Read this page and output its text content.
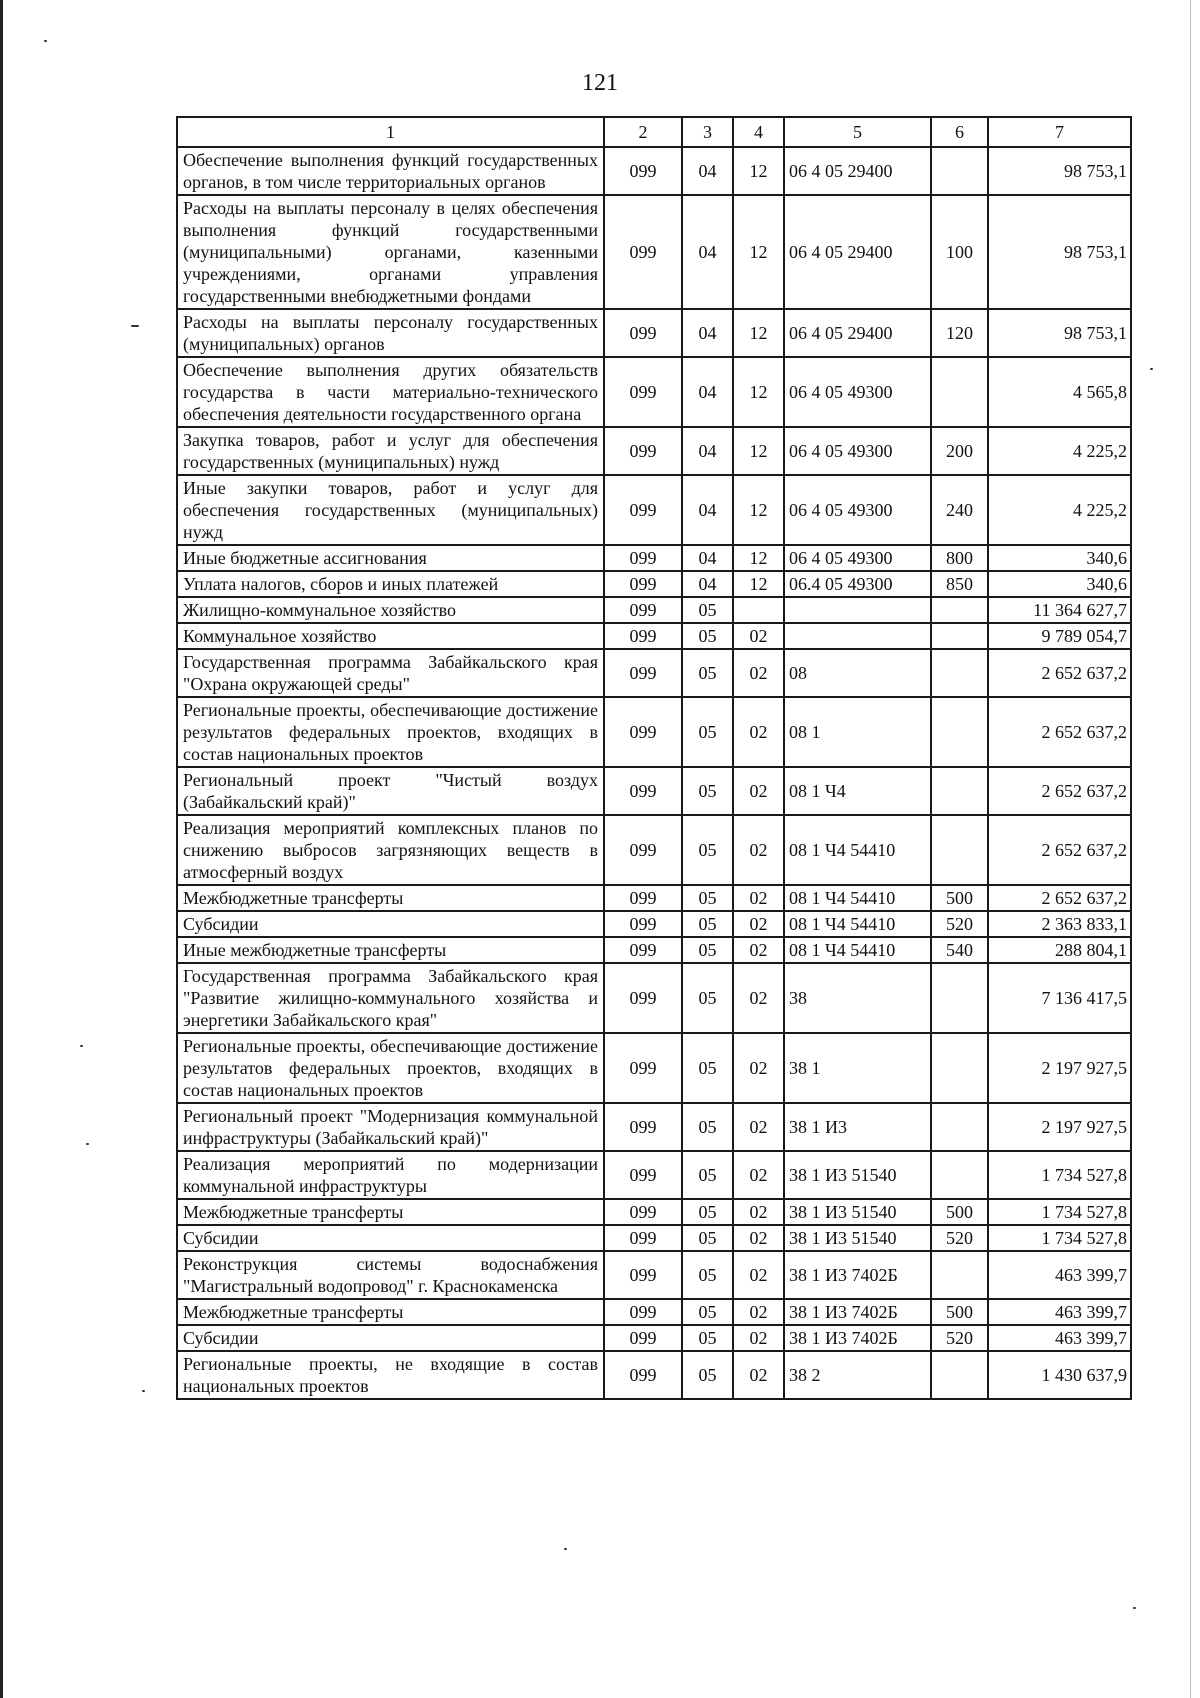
121
1	2	3	4	5	6	7
Обеспечение выполнения функций государственных органов, в том числе территориальных органов	099	04	12	06 4 05 29400		98 753,1
Расходы на выплаты персоналу в целях обеспечения выполнения функций государственными (муниципальными) органами, казенными учреждениями, органами управления государственными внебюджетными фондами	099	04	12	06 4 05 29400	100	98 753,1
Расходы на выплаты персоналу государственных (муниципальных) органов	099	04	12	06 4 05 29400	120	98 753,1
Обеспечение выполнения других обязательств государства в части материально-технического обеспечения деятельности государственного органа	099	04	12	06 4 05 49300		4 565,8
Закупка товаров, работ и услуг для обеспечения государственных (муниципальных) нужд	099	04	12	06 4 05 49300	200	4 225,2
Иные закупки товаров, работ и услуг для обеспечения государственных (муниципальных) нужд	099	04	12	06 4 05 49300	240	4 225,2
Иные бюджетные ассигнования	099	04	12	06 4 05 49300	800	340,6
Уплата налогов, сборов и иных платежей	099	04	12	06.4 05 49300	850	340,6
Жилищно-коммунальное хозяйство	099	05				11 364 627,7
Коммунальное хозяйство	099	05	02			9 789 054,7
Государственная программа Забайкальского края "Охрана окружающей среды"	099	05	02	08		2 652 637,2
Региональные проекты, обеспечивающие достижение результатов федеральных проектов, входящих в состав национальных проектов	099	05	02	08 1		2 652 637,2
Региональный проект "Чистый воздух (Забайкальский край)"	099	05	02	08 1 Ч4		2 652 637,2
Реализация мероприятий комплексных планов по снижению выбросов загрязняющих веществ в атмосферный воздух	099	05	02	08 1 Ч4 54410		2 652 637,2
Межбюджетные трансферты	099	05	02	08 1 Ч4 54410	500	2 652 637,2
Субсидии	099	05	02	08 1 Ч4 54410	520	2 363 833,1
Иные межбюджетные трансферты	099	05	02	08 1 Ч4 54410	540	288 804,1
Государственная программа Забайкальского края "Развитие жилищно-коммунального хозяйства и энергетики Забайкальского края"	099	05	02	38		7 136 417,5
Региональные проекты, обеспечивающие достижение результатов федеральных проектов, входящих в состав национальных проектов	099	05	02	38 1		2 197 927,5
Региональный проект "Модернизация коммунальной инфраструктуры (Забайкальский край)"	099	05	02	38 1 И3		2 197 927,5
Реализация мероприятий по модернизации коммунальной инфраструктуры	099	05	02	38 1 И3 51540		1 734 527,8
Межбюджетные трансферты	099	05	02	38 1 И3 51540	500	1 734 527,8
Субсидии	099	05	02	38 1 И3 51540	520	1 734 527,8
Реконструкция системы водоснабжения "Магистральный водопровод" г. Краснокаменска	099	05	02	38 1 И3 7402Б		463 399,7
Межбюджетные трансферты	099	05	02	38 1 И3 7402Б	500	463 399,7
Субсидии	099	05	02	38 1 И3 7402Б	520	463 399,7
Региональные проекты, не входящие в состав национальных проектов	099	05	02	38 2		1 430 637,9
